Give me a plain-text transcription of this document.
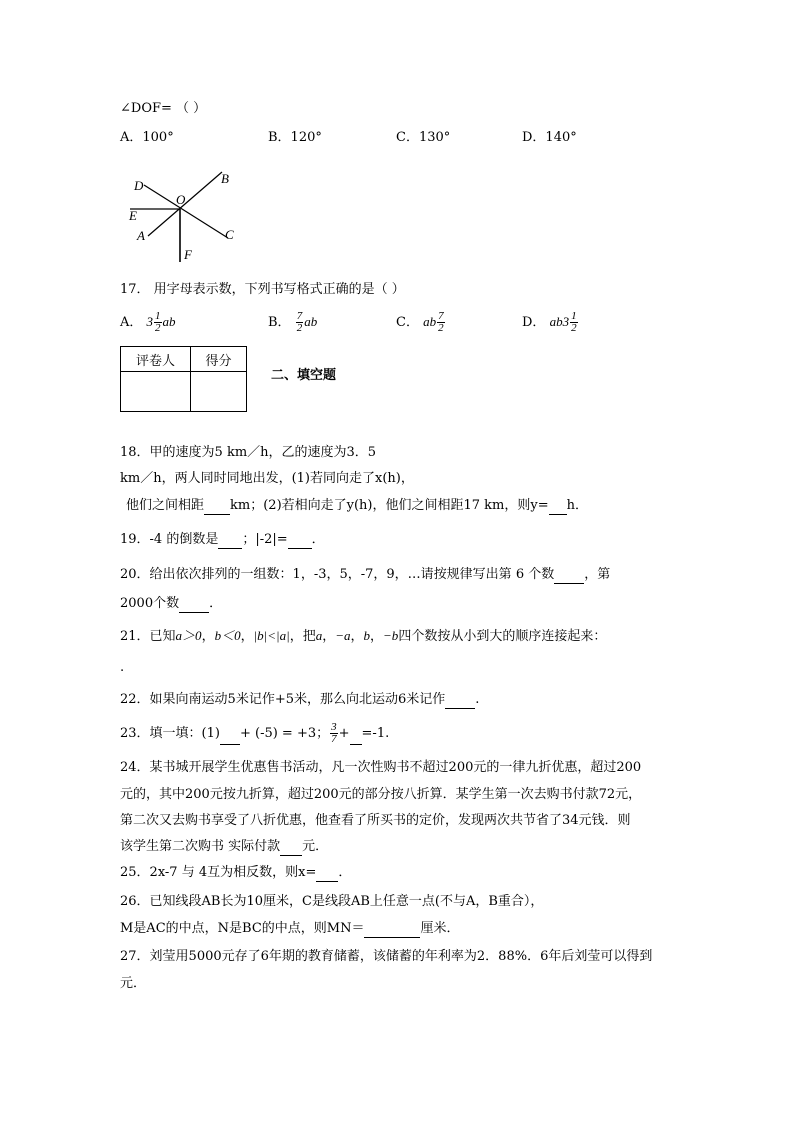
∠DOF= （ ）
A．100°	B．120°	C．130°	D．140°
D	B
O
E
A	C
F
17． 用字母表示数，下列书写格式正确的是（ ）
A． $3 \frac{1}{2}$ ab	B． $\frac{7}{2}$ ab	C． ab $\frac{7}{2}$	D． $ab3 \frac{1}{2}$
评卷人	得分

二、填空题
18．甲的速度为5 km／h，乙的速度为3．5
km／h，两人同时同地出发，(1)若同向走了x(h)，
他们之间相距 km；(2)若相向走了y(h)，他们之间相距17 km，则y= h．
19．-4 的倒数是 ；|-2|= ．
20．给出依次排列的一组数：1，-3，5，-7，9，…请按规律写出第 6 个数 ，第
2000个数 ．
21．已知a＞0，b＜0，|b|<|a|，把a，−a，b，−b四个数按从小到大的顺序连接起来：
.
22．如果向南运动5米记作+5米，那么向北运动6米记作 .
23．填一填：(1) + (-5) = +3； $\frac{3}{7} + =-1$.
24．某书城开展学生优惠售书活动，凡一次性购书不超过200元的一律九折优惠，超过200
元的，其中200元按九折算，超过200元的部分按八折算．某学生第一次去购书付款72元，
第二次又去购书享受了八折优惠，他查看了所买书的定价，发现两次共节省了34元钱．则
该学生第二次购书 实际付款 元．
25．2x-7 与 4互为相反数，则x= ．
26．已知线段AB长为10厘米，C是线段AB上任意一点(不与A，B重合），
M是AC的中点，N是BC的中点，则MN＝	厘米．
27．刘莹用5000元存了6年期的教育储蓄，该储蓄的年利率为2．88%．6年后刘莹可以得到
元．
